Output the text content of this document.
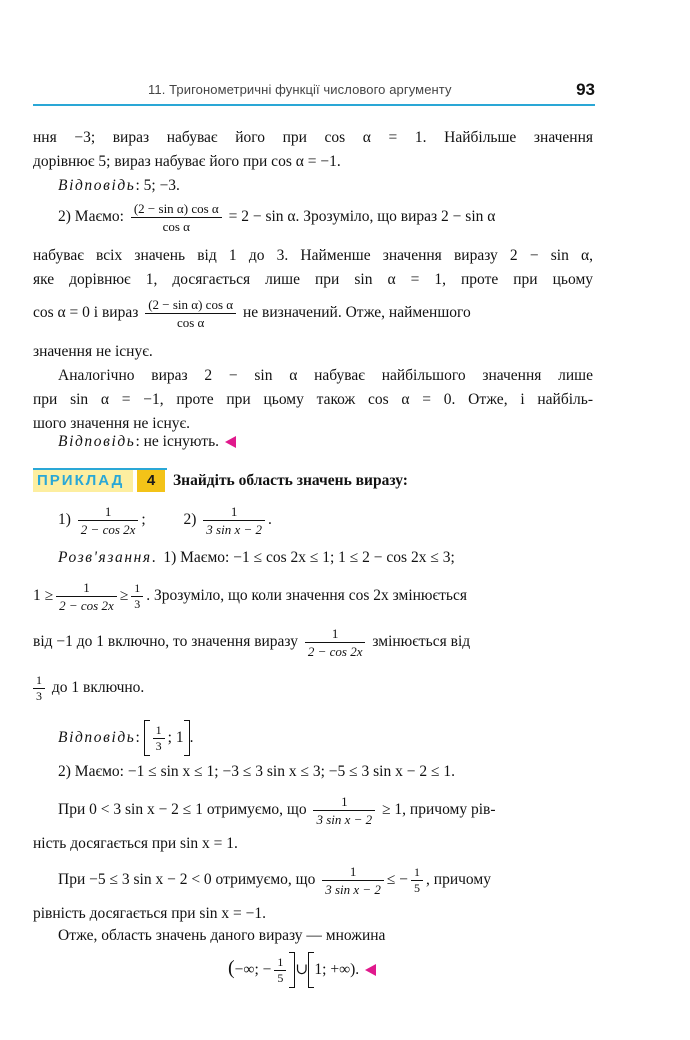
11. Тригонометричні функції числового аргументу	93
ння −3; вираз набуває його при cos α = 1. Найбільше значення
дорівнює 5; вираз набуває його при cos α = −1.
Відповідь: 5; −3.
2) Маємо: $\frac{\text{(2 − sin α) cos α}}{\text{cos α}} = 2 - \sin \alpha$. Зрозуміло, що вираз 2 − sin α
набуває всіх значень від 1 до 3. Найменше значення виразу 2 − sin α,
яке дорівнює 1, досягається лише при sin α = 1, проте при цьому
cos α = 0 і вираз $\frac{\text{(2 − sin α) cos α}}{\text{cos α}}$ не визначений. Отже, найменшого
значення не існує.
Аналогічно вираз 2 − sin α набуває найбільшого значення лише
при sin α = −1, проте при цьому також cos α = 0. Отже, і найбіль-
шого значення не існує.
Відповідь: не існують.
ПРИКЛАД	4	Знайдіть область значень виразу:
$1) \frac{1}{2 - \cos 2x}$ ;  $2) \frac{1}{\text{3 sin x − 2}}$ .
Розв'язання.  1) Маємо: −1 ≤ cos 2x ≤ 1; 1 ≤ 2 − cos 2x ≤ 3;
$1 \ge \frac{1}{2 - \cos 2x} \ge \frac{1}{3}$ . Зрозуміло, що коли значення cos 2x змінюється
від −1 до 1 включно, то значення виразу $\frac{1}{2 - \cos 2x}$ змінюється від
$\frac{1}{3}$ до 1 включно.
Відповідь: $\frac{1}{3}$ ; 1 .
2) Маємо: −1 ≤ sin x ≤ 1; −3 ≤ 3 sin x ≤ 3; −5 ≤ 3 sin x − 2 ≤ 1.
При 0 < 3 sin x − 2 ≤ 1 отримуємо, що $\frac{1}{\text{3 sin x − 2}} \ge 1$, причому рів-
ність досягається при sin x = 1.
При −5 ≤ 3 sin x − 2 < 0 отримуємо, що $\frac{1}{\text{3 sin x − 2}}$ ≤ − $\frac{1}{5}$ , причому
рівність досягається при sin x = −1.
Отже, область значень даного виразу — множина
(−∞; − $\frac{1}{5}$ ∪ 1; +∞).
